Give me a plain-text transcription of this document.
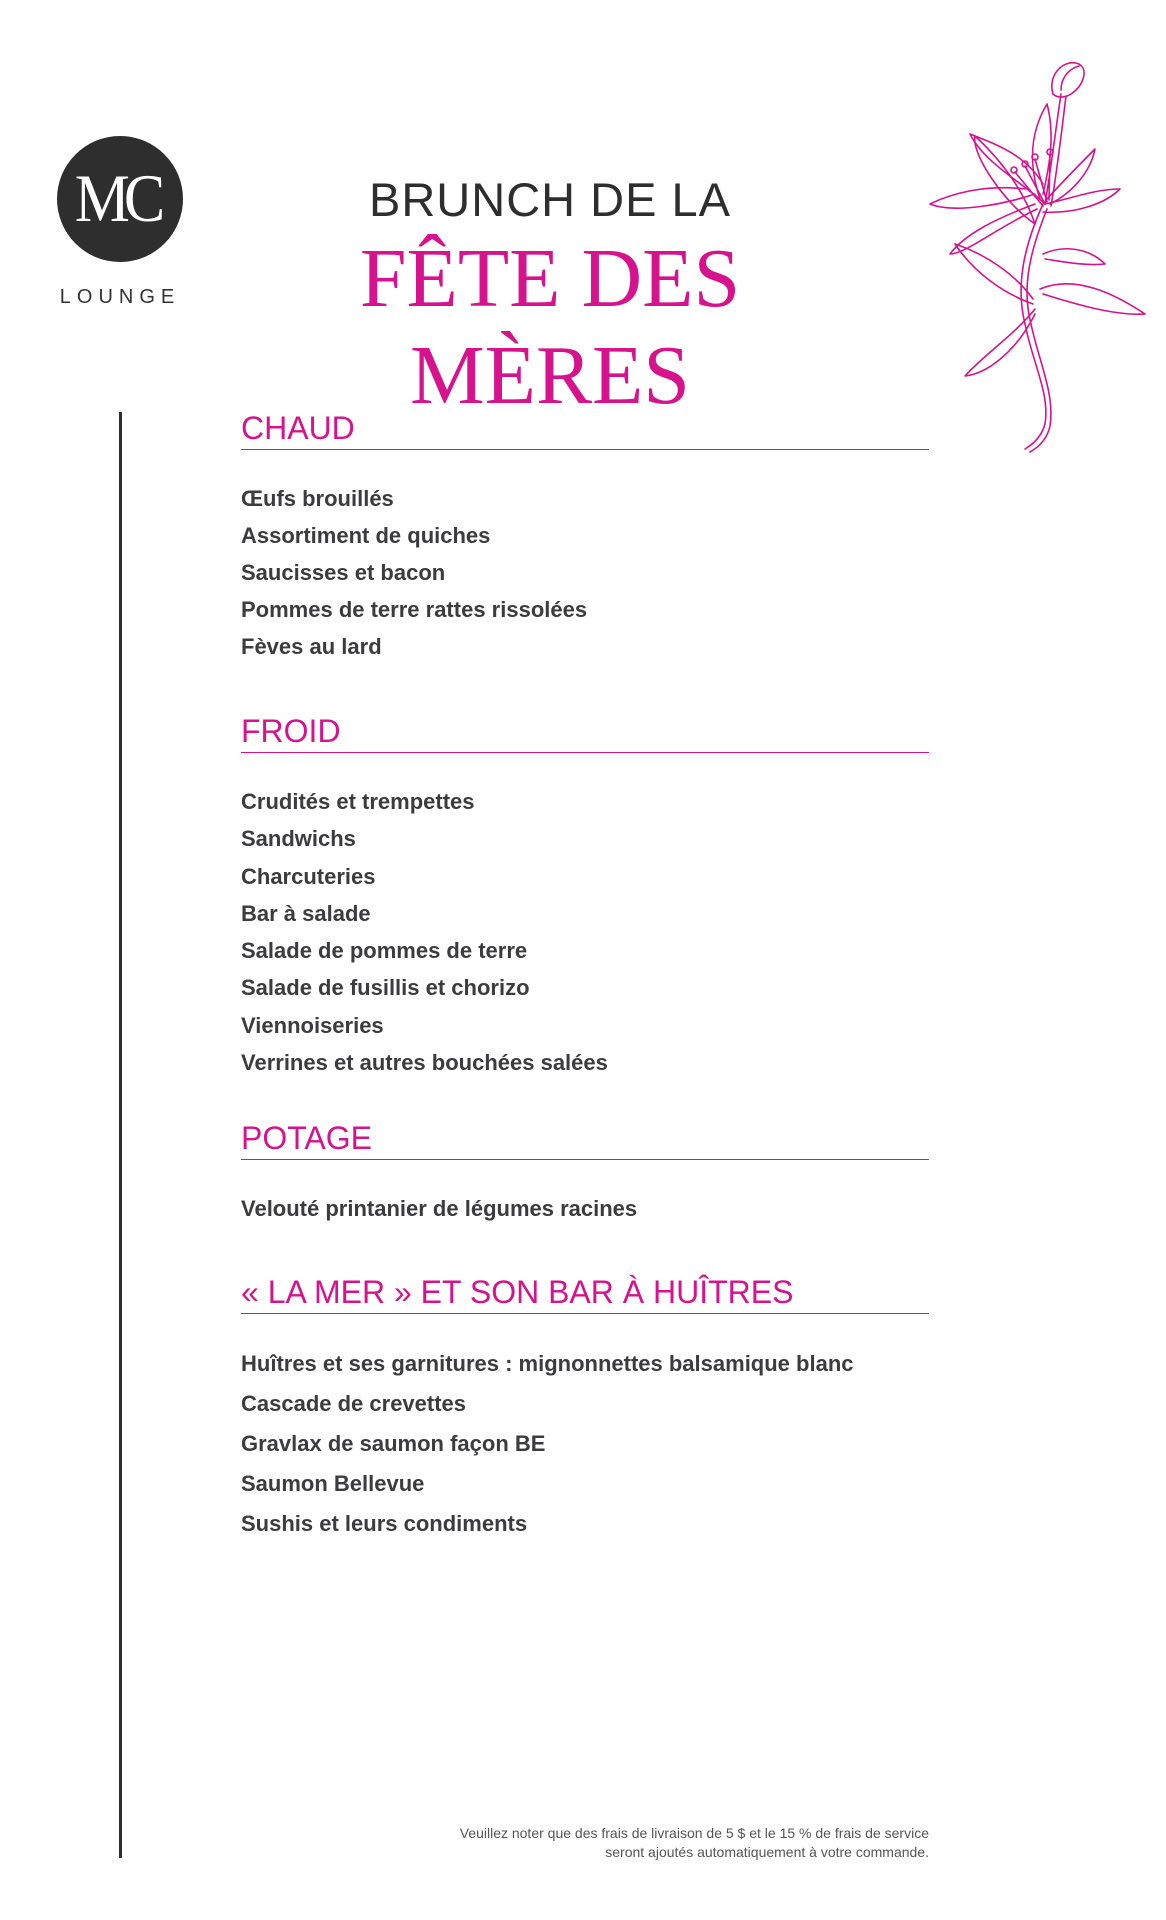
MC
LOUNGE
BRUNCH DE LA
FÊTE DES MÈRES
CHAUD
Œufs brouillés
Assortiment de quiches
Saucisses et bacon
Pommes de terre rattes rissolées
Fèves au lard
FROID
Crudités et trempettes
Sandwichs
Charcuteries
Bar à salade
Salade de pommes de terre
Salade de fusillis et chorizo
Viennoiseries
Verrines et autres bouchées salées
POTAGE
Velouté printanier de légumes racines
« LA MER » ET SON BAR À HUÎTRES
Huîtres et ses garnitures : mignonnettes balsamique blanc
Cascade de crevettes
Gravlax de saumon façon BE
Saumon Bellevue
Sushis et leurs condiments
Veuillez noter que des frais de livraison de 5 $ et le 15 % de frais de service
seront ajoutés automatiquement à votre commande.
